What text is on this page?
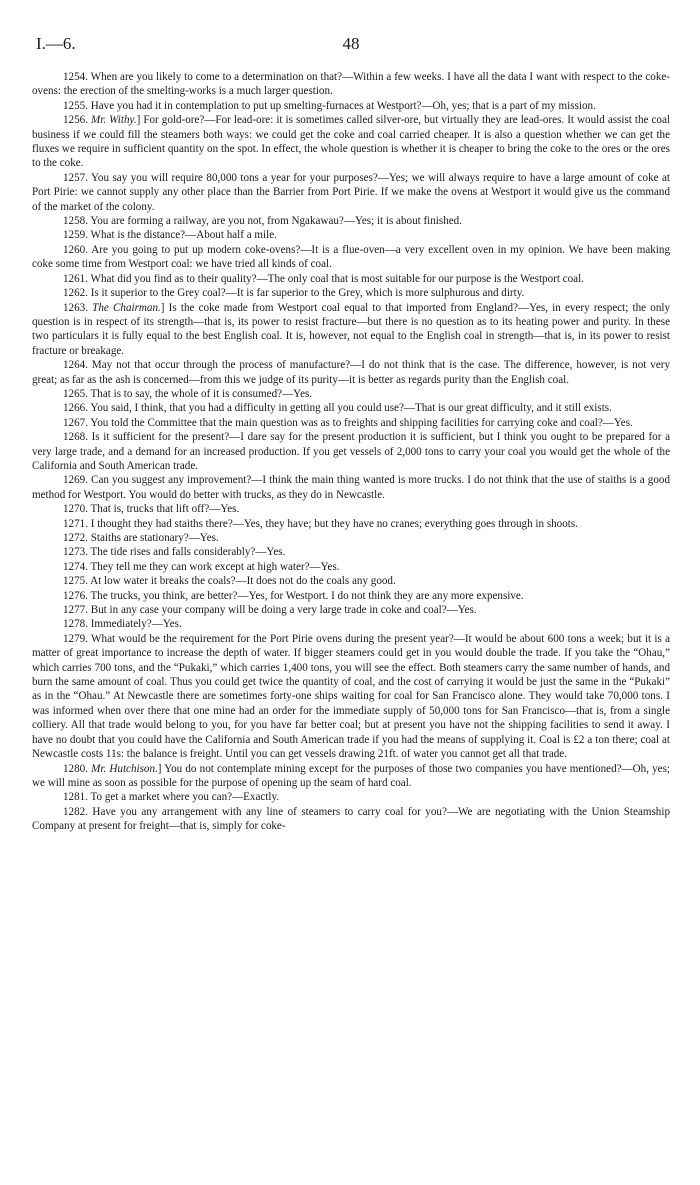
48
I.—6.

1254. When are you likely to come to a determination on that?—Within a few weeks. I have all the data I want with respect to the coke-ovens: the erection of the smelting-works is a much larger question.

1255. Have you had it in contemplation to put up smelting-furnaces at Westport?—Oh, yes; that is a part of my mission.

1256. Mr. Withy.] For gold-ore?—For lead-ore: it is sometimes called silver-ore, but virtually they are lead-ores. It would assist the coal business if we could fill the steamers both ways: we could get the coke and coal carried cheaper. It is also a question whether we can get the fluxes we require in sufficient quantity on the spot. In effect, the whole question is whether it is cheaper to bring the coke to the ores or the ores to the coke.

1257. You say you will require 80,000 tons a year for your purposes?—Yes; we will always require to have a large amount of coke at Port Pirie: we cannot supply any other place than the Barrier from Port Pirie. If we make the ovens at Westport it would give us the command of the market of the colony.

1258. You are forming a railway, are you not, from Ngakawau?—Yes; it is about finished.

1259. What is the distance?—About half a mile.

1260. Are you going to put up modern coke-ovens?—It is a flue-oven—a very excellent oven in my opinion. We have been making coke some time from Westport coal: we have tried all kinds of coal.

1261. What did you find as to their quality?—The only coal that is most suitable for our purpose is the Westport coal.

1262. Is it superior to the Grey coal?—It is far superior to the Grey, which is more sulphurous and dirty.

1263. The Chairman.] Is the coke made from Westport coal equal to that imported from England?—Yes, in every respect; the only question is in respect of its strength—that is, its power to resist fracture—but there is no question as to its heating power and purity. In these two particulars it is fully equal to the best English coal. It is, however, not equal to the English coal in strength—that is, in its power to resist fracture or breakage.

1264. May not that occur through the process of manufacture?—I do not think that is the case. The difference, however, is not very great; as far as the ash is concerned—from this we judge of its purity—it is better as regards purity than the English coal.

1265. That is to say, the whole of it is consumed?—Yes.

1266. You said, I think, that you had a difficulty in getting all you could use?—That is our great difficulty, and it still exists.

1267. You told the Committee that the main question was as to freights and shipping facilities for carrying coke and coal?—Yes.

1268. Is it sufficient for the present?—I dare say for the present production it is sufficient, but I think you ought to be prepared for a very large trade, and a demand for an increased production. If you get vessels of 2,000 tons to carry your coal you would get the whole of the California and South American trade.

1269. Can you suggest any improvement?—I think the main thing wanted is more trucks. I do not think that the use of staiths is a good method for Westport. You would do better with trucks, as they do in Newcastle.

1270. That is, trucks that lift off?—Yes.

1271. I thought they had staiths there?—Yes, they have; but they have no cranes; everything goes through in shoots.

1272. Staiths are stationary?—Yes.

1273. The tide rises and falls considerably?—Yes.

1274. They tell me they can work except at high water?—Yes.

1275. At low water it breaks the coals?—It does not do the coals any good.

1276. The trucks, you think, are better?—Yes, for Westport. I do not think they are any more expensive.

1277. But in any case your company will be doing a very large trade in coke and coal?—Yes.

1278. Immediately?—Yes.

1279. What would be the requirement for the Port Pirie ovens during the present year?—It would be about 600 tons a week; but it is a matter of great importance to increase the depth of water. If bigger steamers could get in you would double the trade. If you take the “Ohau,” which carries 700 tons, and the “Pukaki,” which carries 1,400 tons, you will see the effect. Both steamers carry the same number of hands, and burn the same amount of coal. Thus you could get twice the quantity of coal, and the cost of carrying it would be just the same in the “Pukaki” as in the “Ohau.” At Newcastle there are sometimes forty-one ships waiting for coal for San Francisco alone. They would take 70,000 tons. I was informed when over there that one mine had an order for the immediate supply of 50,000 tons for San Francisco—that is, from a single colliery. All that trade would belong to you, for you have far better coal; but at present you have not the shipping facilities to send it away. I have no doubt that you could have the California and South American trade if you had the means of supplying it. Coal is £2 a ton there; coal at Newcastle costs 11s: the balance is freight. Until you can get vessels drawing 21ft. of water you cannot get all that trade.

1280. Mr. Hutchison.] You do not contemplate mining except for the purposes of those two companies you have mentioned?—Oh, yes; we will mine as soon as possible for the purpose of opening up the seam of hard coal.

1281. To get a market where you can?—Exactly.

1282. Have you any arrangement with any line of steamers to carry coal for you?—We are negotiating with the Union Steamship Company at present for freight—that is, simply for coke-
